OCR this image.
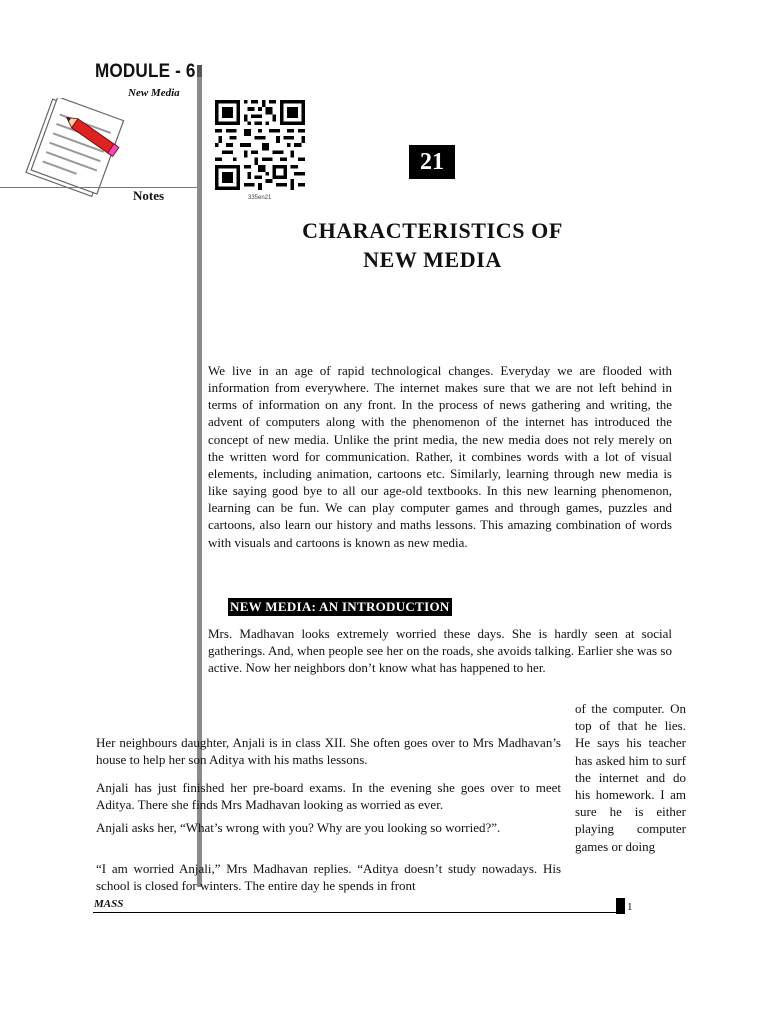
MODULE - 6
New Media
Notes	335en21
21
CHARACTERISTICS OF
NEW MEDIA
We live in an age of rapid technological changes. Everyday we are flooded with information from everywhere. The internet makes sure that we are not left behind in terms of information on any front. In the process of news gathering and writing, the advent of computers along with the phenomenon of the internet has introduced the concept of new media. Unlike the print media, the new media does not rely merely on the written word for communication. Rather, it combines words with a lot of visual elements, including animation, cartoons etc. Similarly, learning through new media is like saying good bye to all our age-old textbooks. In this new learning phenomenon, learning can be fun. We can play computer games and through games, puzzles and cartoons, also learn our history and maths lessons. This amazing combination of words with visuals and cartoons is known as new media.
NEW MEDIA: AN INTRODUCTION
Mrs. Madhavan looks extremely worried these days. She is hardly seen at social gatherings. And, when people see her on the roads, she avoids talking. Earlier she was so active. Now her neighbors don’t know what has happened to her.
Her neighbours daughter, Anjali is in class XII. She often goes over to Mrs Madhavan’s house to help her son Aditya with his maths lessons.
Anjali has just finished her pre-board exams. In the evening she goes over to meet Aditya. There she finds Mrs Madhavan looking as worried as ever.
Anjali asks her, “What’s wrong with you? Why are you looking so worried?”.
“I am worried Anjali,” Mrs Madhavan replies. “Aditya doesn’t study nowadays. His school is closed for winters. The entire day he spends in front
of the computer. On top of that he lies. He says his teacher has asked him to surf the internet and do his homework. I am sure he is either playing computer games or doing
MASS	1
